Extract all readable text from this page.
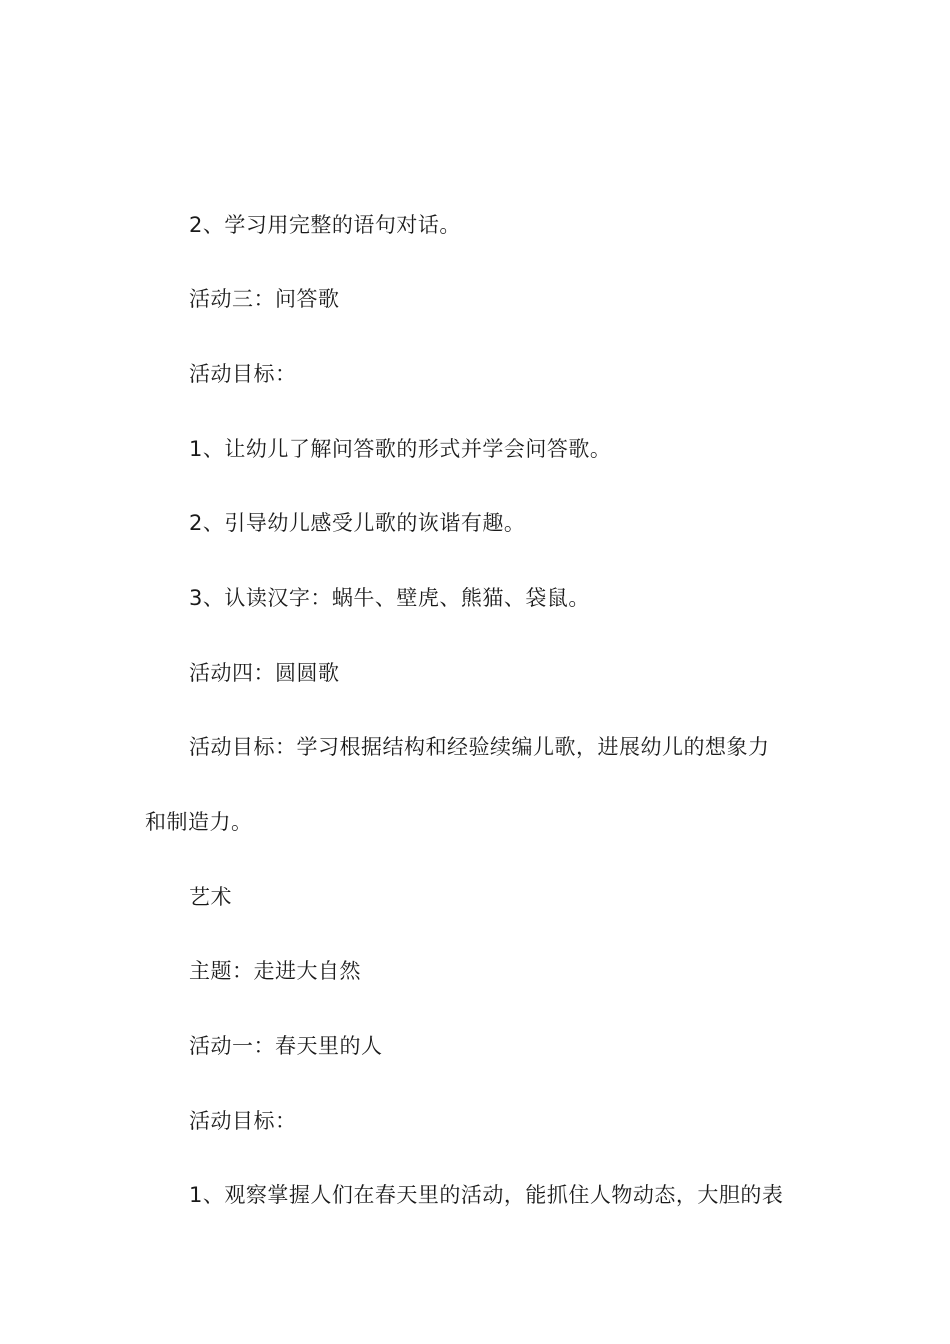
2、学习用完整的语句对话。
活动三：问答歌
活动目标：
1、让幼儿了解问答歌的形式并学会问答歌。
2、引导幼儿感受儿歌的诙谐有趣。
3、认读汉字：蜗牛、壁虎、熊猫、袋鼠。
活动四：圆圆歌
活动目标：学习根据结构和经验续编儿歌，进展幼儿的想象力
和制造力。
艺术
主题：走进大自然
活动一：春天里的人
活动目标：
1、观察掌握人们在春天里的活动，能抓住人物动态，大胆的表
